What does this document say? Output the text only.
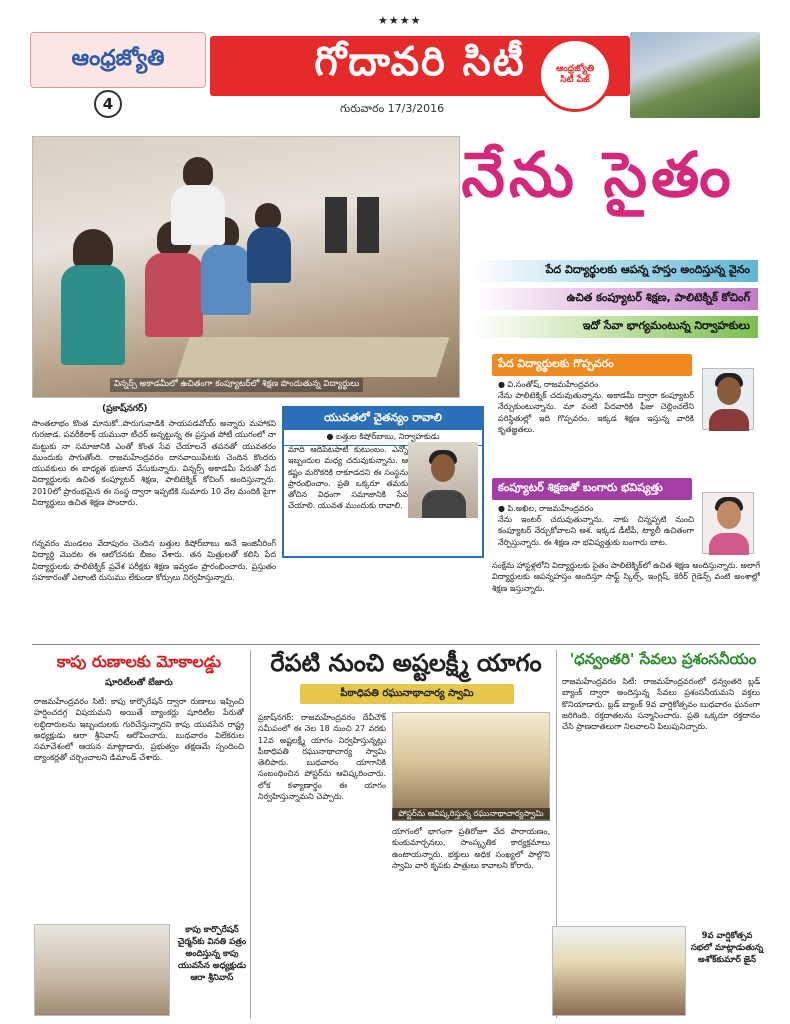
★★★★
ఆంధ్రజ్యోతి
4
గోదావరి సిటీ
గురువారం 17/3/2016
ఆంధ్రజ్యోతి
సిటీ పేజ్
విన్నర్స్‌ అకాడమీలో ఉచితంగా కంప్యూటర్‌లో శిక్షణ పొందుతున్న విద్యార్థులు
నేను సైతం
పేద విద్యార్థులకు ఆపన్న హస్తం అందిస్తున్న వైనం
ఉచిత కంప్యూటర్‌ శిక్షణ, పాలిటెక్నిక్‌ కోచింగ్‌
ఇదో సేవా భాగ్యమంటున్న నిర్వాహకులు
(ప్రకాష్‌నగర్‌)
సొంతలాభం కొంత మానుకో..పొరుగువాడికి సాయపడవోయ్‌ అన్నారు మహాకవి గురజాడ. పవరీకిరాక్‌ యమునా టీచర్‌ అన్నట్టున్న ఈ ప్రస్తుత పోటీ యుగంలో నా మట్టుకు నా సమాజానికి ఎంతో కొంత సేవ చేయాలనే తపనతో యువతరం ముందుకు సాగుతోంది. రాజమహేంద్రవరం దానవాయిపేటకు చెందిన కొందరు యువకులు ఈ బాధ్యత భుజాన వేసుకున్నారు. విన్నర్స్‌ అకాడమీ పేరుతో పేద విద్యార్థులకు ఉచిత కంప్యూటర్‌ శిక్షణ, పాలిటెక్నిక్‌ కోచింగ్‌ అందిస్తున్నారు. 2010లో ప్రారంభమైన ఈ సంస్థ ద్వారా ఇప్పటికి సుమారు 10 వేల మందికి పైగా విద్యార్థులు ఉచిత శిక్షణ పొందారు.
గన్నవరం మండలం వేదాపురం చెందిన బత్తుల కిషోర్‌బాబు అనే ఇంజినీరింగ్‌ విద్యార్థి మొదట ఈ ఆలోచనకు బీజం వేశారు. తన మిత్రులతో కలిసి పేద విద్యార్థులకు పాలిటెక్నిక్‌ ప్రవేశ పరీక్షకు శిక్షణ ఇవ్వడం ప్రారంభించారు. ప్రస్తుతం సహకారంతో ఎలాంటి రుసుము లేకుండా కోర్సులు నిర్వహిస్తున్నారు.
సంక్షేమ హాస్టళ్లలోని విద్యార్థులకు సైతం పాలిటెక్నిక్‌లో ఉచిత శిక్షణ అందిస్తున్నారు. అలాగే విద్యార్థులకు ఆపన్నహస్తం అందిస్తూ సాఫ్ట్‌ స్కిల్స్‌, ఇంగ్లిష్‌, కెరీర్‌ గైడెన్స్‌ వంటి అంశాల్లో శిక్షణ ఇస్తున్నారు.
యువతలో చైతన్యం రావాలి
● బత్తుల కిషోర్‌బాబు, నిర్వాహకుడు
మాది ఆదిపేటపాటి కుటుంబం. ఎన్నో ఇబ్బందుల మధ్య చదువుకున్నాను. ఆ కష్టం మరొకరికి రాకూడదని ఈ సంస్థను ప్రారంభించాం. ప్రతి ఒక్కరూ తమకు తోచిన విధంగా సమాజానికి సేవ చేయాలి. యువత ముందుకు రావాలి.
పేద విద్యార్థులకు గొప్పవరం
● వి.సంతోష్‌, రాజమహేంద్రవరం
నేను పాలిటెక్నిక్‌ చదువుతున్నాను. అకాడమీ ద్వారా కంప్యూటర్‌ నేర్చుకుంటున్నాను. మా వంటి పేదవారికి ఫీజు చెల్లించలేని పరిస్థితుల్లో ఇది గొప్పవరం. ఇక్కడ శిక్షణ ఇస్తున్న వారికి కృతజ్ఞతలు.
కంప్యూటర్‌ శిక్షణతో బంగారు భవిష్యత్తు
● పి.అఖిల, రాజమహేంద్రవరం
నేను ఇంటర్‌ చదువుతున్నాను. నాకు చిన్నప్పటి నుంచి కంప్యూటర్‌ నేర్చుకోవాలని ఆశ. ఇక్కడ డీటీపీ, ట్యాలీ ఉచితంగా నేర్పిస్తున్నారు. ఈ శిక్షణ నా భవిష్యత్తుకు బంగారు బాట.
కాపు రుణాలకు మోకాలడ్డు
షూరిటీలతో బేజారు
రాజమహేంద్రవరం సిటీ: కాపు కార్పొరేషన్‌ ద్వారా రుణాలు ఇప్పించి హర్షించదగ్గ విషయమని అయితే బ్యాంకర్లు షూరిటీల పేరుతో లబ్ధిదారులను ఇబ్బందులకు గురిచేస్తున్నారని కాపు యువసేన రాష్ట్ర అధ్యక్షుడు ఆరా శ్రీనివాస్‌ ఆరోపించారు. బుధవారం విలేకరుల సమావేశంలో ఆయన మాట్లాడారు. ప్రభుత్వం తక్షణమే స్పందించి బ్యాంకర్లతో చర్చించాలని డిమాండ్‌ చేశారు.
కాపు కార్పొరేషన్‌ చైర్మన్‌కు వినతి పత్రం అందిస్తున్న కాపు యువసేన అధ్యక్షుడు ఆరా శ్రీనివాస్‌
రేపటి నుంచి అష్టలక్ష్మీ యాగం
పీఠాధిపతి రఘునాథాచార్య స్వామి
ప్రకాష్‌నగర్‌: రాజమహేంద్రవరం దేవీచౌక్‌ సమీపంలో ఈ నెల 18 నుంచి 27 వరకు 12వ అష్టలక్ష్మీ యాగం నిర్వహిస్తున్నట్లు పీఠాధిపతి రఘునాథాచార్య స్వామి తెలిపారు. బుధవారం యాగానికి సంబంధించిన పోస్టర్‌ను ఆవిష్కరించారు. లోక కళ్యాణార్థం ఈ యాగం నిర్వహిస్తున్నామని చెప్పారు.
పోస్టర్‌ను ఆవిష్కరిస్తున్న రఘునాథాచార్యస్వామి
యాగంలో భాగంగా ప్రతిరోజూ వేద పారాయణం, కుంకుమార్చనలు, సాంస్కృతిక కార్యక్రమాలు ఉంటాయన్నారు. భక్తులు అధిక సంఖ్యలో పాల్గొని స్వామి వారి కృపకు పాత్రులు కావాలని కోరారు.
'ధన్వంతరి' సేవలు ప్రశంసనీయం
రాజమహేంద్రవరం సిటీ: రాజమహేంద్రవరంలో ధన్వంతరి బ్లడ్‌ బ్యాంక్‌ ద్వారా అందిస్తున్న సేవలు ప్రశంసనీయమని వక్తలు కొనియాడారు. బ్లడ్‌ బ్యాంక్‌ 9వ వార్షికోత్సవం బుధవారం ఘనంగా జరిగింది. రక్తదాతలను సన్మానించారు. ప్రతి ఒక్కరూ రక్తదానం చేసి ప్రాణదాతలుగా నిలవాలని పిలుపునిచ్చారు.
9వ వార్షికోత్సవ సభలో మాట్లాడుతున్న అశోక్‌కుమార్‌ జైన్‌
